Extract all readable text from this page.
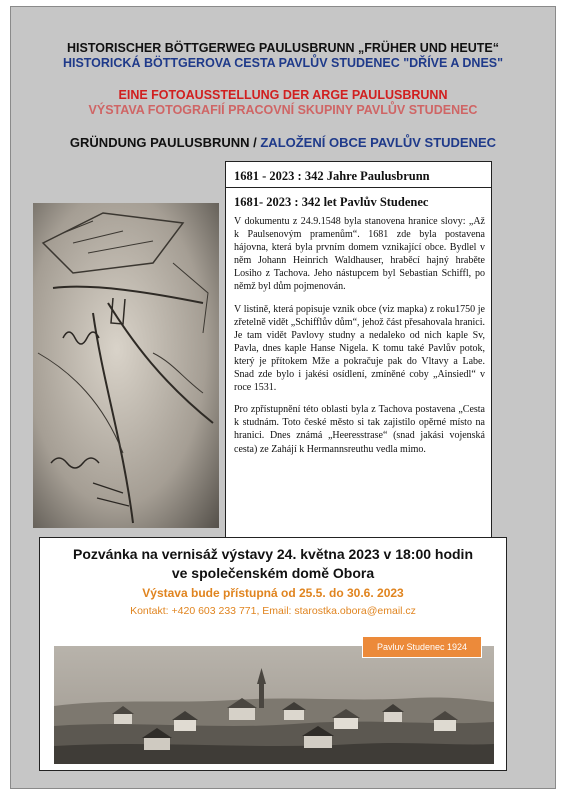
HISTORISCHER BÖTTGERWEG PAULUSBRUNN „FRÜHER UND HEUTE“
HISTORICKÁ BÖTTGEROVA CESTA PAVLŮV STUDENEC "DŘÍVE A DNES"
EINE FOTOAUSSTELLUNG DER ARGE PAULUSBRUNN
VÝSTAVA FOTOGRAFIÍ PRACOVNÍ SKUPINY PAVLŮV STUDENEC
GRÜNDUNG PAULUSBRUNN / ZALOŽENÍ OBCE PAVLŮV STUDENEC
1681 - 2023 : 342 Jahre Paulusbrunn
1681- 2023 : 342 let Pavlův Studenec

V dokumentu z 24.9.1548 byla stanovena hranice slovy: „Až k Paulsenovým pramenům“. 1681 zde byla postavena hájovna, která byla prvním domem vznikající obce. Bydlel v něm Johann Heinrich Waldhauser, hraběcí hajný hraběte Losiho z Tachova. Jeho nástupcem byl Sebastian Schiffl, po němž byl dům pojmenován.

V listině, která popisuje vznik obce (viz mapka) z roku1750 je zřetelně vidět „Schifflův dům“, jehož část přesahovala hranici. Je tam vidět Pavlovy studny a nedaleko od nich kaple Sv, Pavla, dnes kaple Hanse Nigela. K tomu také Pavlův potok, který je přítokem Mže a pokračuje pak do Vltavy a Labe. Snad zde bylo i jakési osídlení, zmíněné coby „Ainsiedl“ v roce 1531.

Pro zpřístupnění této oblasti byla z Tachova postavena „Cesta k studnám. Toto české město si tak zajistilo opěrné místo na hranici. Dnes známá „Heeresstrase“ (snad jakási vojenská cesta) ze Zahájí k Hermannsreuthu vedla mimo.

Pozvánka na vernisáž výstavy 24. května 2023 v 18:00 hodin
ve společenském domě Obora
Výstava bude přístupná od 25.5. do 30.6. 2023
Kontakt: +420 603 233 771, Email: starostka.obora@email.cz
Pavluv Studenec 1924
